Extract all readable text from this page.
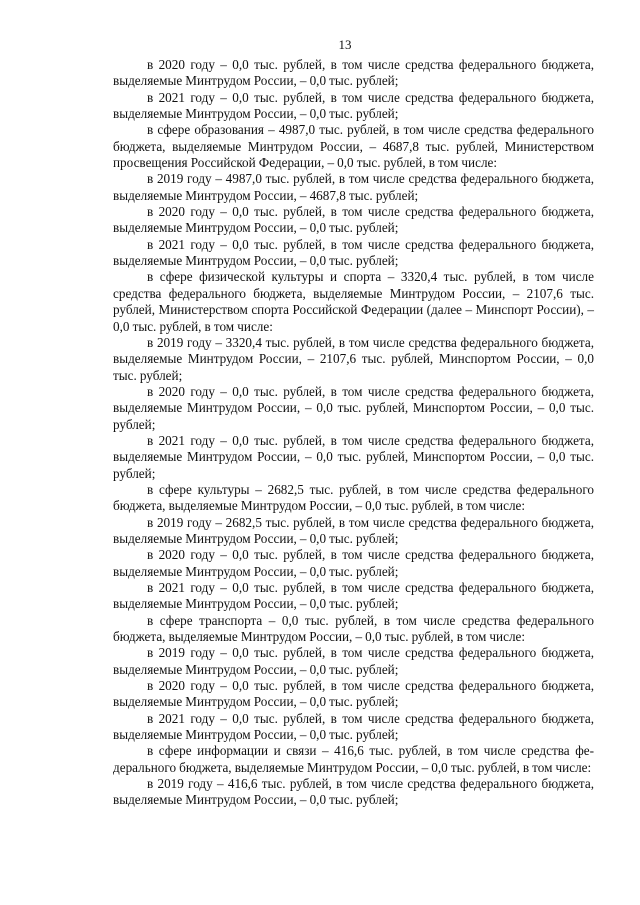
13

в 2020 году – 0,0 тыс. рублей, в том числе средства федерального бюджета, выделяемые Минтрудом России, – 0,0 тыс. рублей;

в 2021 году – 0,0 тыс. рублей, в том числе средства федерального бюджета, выделяемые Минтрудом России, – 0,0 тыс. рублей;

в сфере образования – 4987,0 тыс. рублей, в том числе средства федерального бюджета, выделяемые Минтрудом России, – 4687,8 тыс. рублей, Министерством просвещения Российской Федерации, – 0,0 тыс. рублей, в том числе:

в 2019 году – 4987,0 тыс. рублей, в том числе средства федерального бюджета, выделяемые Минтрудом России, – 4687,8 тыс. рублей;

в 2020 году – 0,0 тыс. рублей, в том числе средства федерального бюджета, выделяемые Минтрудом России, – 0,0 тыс. рублей;

в 2021 году – 0,0 тыс. рублей, в том числе средства федерального бюджета, выделяемые Минтрудом России, – 0,0 тыс. рублей;

в сфере физической культуры и спорта – 3320,4 тыс. рублей, в том числе средства федерального бюджета, выделяемые Минтрудом России, – 2107,6 тыс. рублей, Министерством спорта Российской Федерации (далее – Минспорт России), – 0,0 тыс. рублей, в том числе:

в 2019 году – 3320,4 тыс. рублей, в том числе средства федерального бюджета, выделяемые Минтрудом России, – 2107,6 тыс. рублей, Минспортом России, – 0,0 тыс. рублей;

в 2020 году – 0,0 тыс. рублей, в том числе средства федерального бюджета, выделяемые Минтрудом России, – 0,0 тыс. рублей, Минспортом России, – 0,0 тыс. рублей;

в 2021 году – 0,0 тыс. рублей, в том числе средства федерального бюджета, выделяемые Минтрудом России, – 0,0 тыс. рублей, Минспортом России, – 0,0 тыс. рублей;

в сфере культуры – 2682,5 тыс. рублей, в том числе средства федерального бюджета, выделяемые Минтрудом России, – 0,0 тыс. рублей, в том числе:

в 2019 году – 2682,5 тыс. рублей, в том числе средства федерального бюджета, выделяемые Минтрудом России, – 0,0 тыс. рублей;

в 2020 году – 0,0 тыс. рублей, в том числе средства федерального бюджета, выделяемые Минтрудом России, – 0,0 тыс. рублей;

в 2021 году – 0,0 тыс. рублей, в том числе средства федерального бюджета, выделяемые Минтрудом России, – 0,0 тыс. рублей;

в сфере транспорта – 0,0 тыс. рублей, в том числе средства федерального бюджета, выделяемые Минтрудом России, – 0,0 тыс. рублей, в том числе:

в 2019 году – 0,0 тыс. рублей, в том числе средства федерального бюджета, выделяемые Минтрудом России, – 0,0 тыс. рублей;

в 2020 году – 0,0 тыс. рублей, в том числе средства федерального бюджета, выделяемые Минтрудом России, – 0,0 тыс. рублей;

в 2021 году – 0,0 тыс. рублей, в том числе средства федерального бюджета, выделяемые Минтрудом России, – 0,0 тыс. рублей;

в сфере информации и связи – 416,6 тыс. рублей, в том числе средства федерального бюджета, выделяемые Минтрудом России, – 0,0 тыс. рублей, в том числе:

в 2019 году – 416,6 тыс. рублей, в том числе средства федерального бюджета, выделяемые Минтрудом России, – 0,0 тыс. рублей;
